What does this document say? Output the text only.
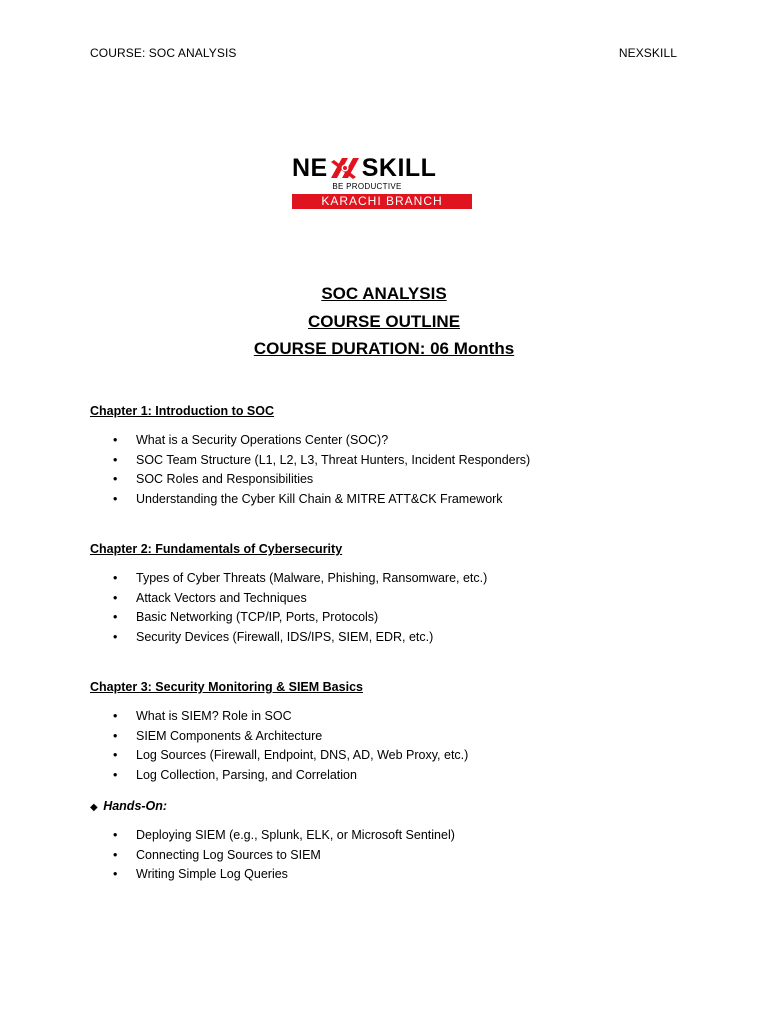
COURSE: SOC ANALYSIS	NEXSKILL
NE SKILL
BE PRODUCTIVE
KARACHI BRANCH
SOC ANALYSIS
COURSE OUTLINE
COURSE DURATION: 06 Months
Chapter 1: Introduction to SOC
• What is a Security Operations Center (SOC)?
• SOC Team Structure (L1, L2, L3, Threat Hunters, Incident Responders)
• SOC Roles and Responsibilities
• Understanding the Cyber Kill Chain & MITRE ATT&CK Framework
Chapter 2: Fundamentals of Cybersecurity
• Types of Cyber Threats (Malware, Phishing, Ransomware, etc.)
• Attack Vectors and Techniques
• Basic Networking (TCP/IP, Ports, Protocols)
• Security Devices (Firewall, IDS/IPS, SIEM, EDR, etc.)
Chapter 3: Security Monitoring & SIEM Basics
• What is SIEM? Role in SOC
• SIEM Components & Architecture
• Log Sources (Firewall, Endpoint, DNS, AD, Web Proxy, etc.)
• Log Collection, Parsing, and Correlation
◆ Hands-On:
• Deploying SIEM (e.g., Splunk, ELK, or Microsoft Sentinel)
• Connecting Log Sources to SIEM
• Writing Simple Log Queries
